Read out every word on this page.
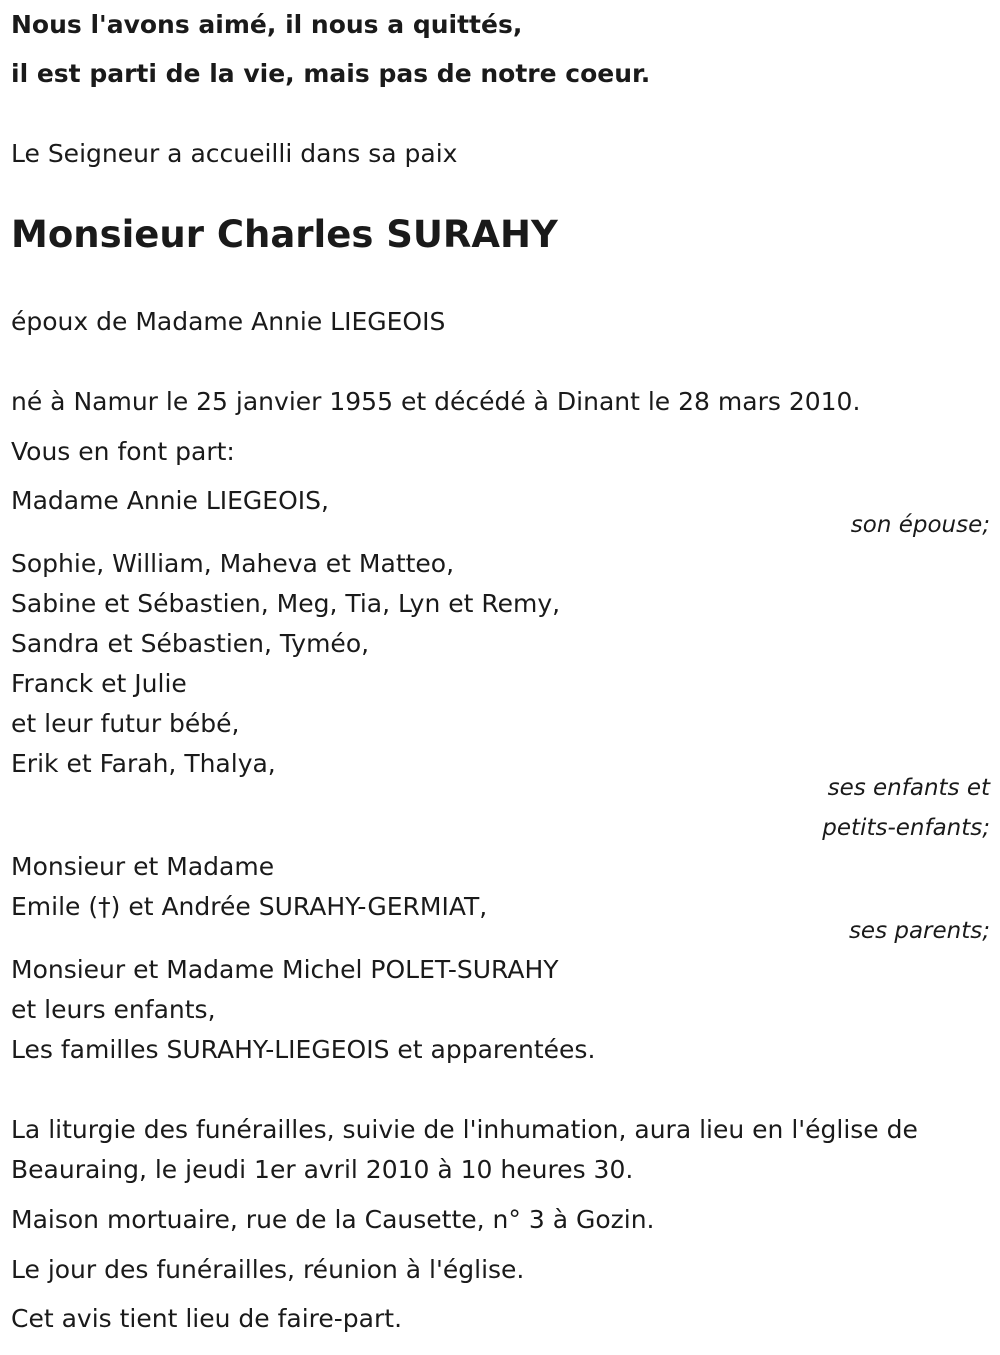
Nous l'avons aimé, il nous a quittés,
il est parti de la vie, mais pas de notre coeur.
Le Seigneur a accueilli dans sa paix
Monsieur Charles SURAHY
époux de Madame Annie LIEGEOIS
né à Namur le 25 janvier 1955 et décédé à Dinant le 28 mars 2010.
Vous en font part:
Madame Annie LIEGEOIS,
son épouse;
Sophie, William, Maheva et Matteo,
Sabine et Sébastien, Meg, Tia, Lyn et Remy,
Sandra et Sébastien, Tyméo,
Franck et Julie
et leur futur bébé,
Erik et Farah, Thalya,
ses enfants et
petits-enfants;
Monsieur et Madame
Emile (†) et Andrée SURAHY-GERMIAT,
ses parents;
Monsieur et Madame Michel POLET-SURAHY
et leurs enfants,
Les familles SURAHY-LIEGEOIS et apparentées.
La liturgie des funérailles, suivie de l'inhumation, aura lieu en l'église de
Beauraing, le jeudi 1er avril 2010 à 10 heures 30.
Maison mortuaire, rue de la Causette, n° 3 à Gozin.
Le jour des funérailles, réunion à l'église.
Cet avis tient lieu de faire-part.
